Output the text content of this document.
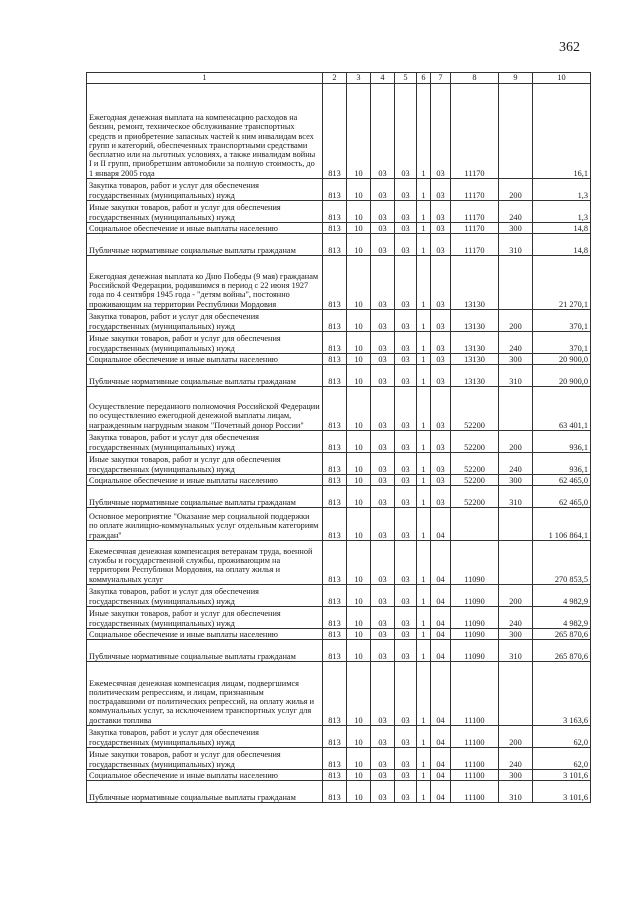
362
1	2	3	4	5	6	7	8	9	10
Ежегодная денежная выплата на компенсацию расходов на бензин, ремонт, техническое обслуживание транспортных средств и приобретение запасных частей к ним инвалидам всех групп и категорий, обеспеченных транспортными средствами бесплатно или на льготных условиях, а также инвалидам войны I и II групп, приобретшим автомобили за полную стоимость, до 1 января 2005 года	813	10	03	03	1	03	11170		16,1
Закупка товаров, работ и услуг для обеспечения государственных (муниципальных) нужд	813	10	03	03	1	03	11170	200	1,3
Иные закупки товаров, работ и услуг для обеспечения государственных (муниципальных) нужд	813	10	03	03	1	03	11170	240	1,3
Социальное обеспечение и иные выплаты населению	813	10	03	03	1	03	11170	300	14,8
Публичные нормативные социальные выплаты гражданам	813	10	03	03	1	03	11170	310	14,8
Ежегодная денежная выплата ко Дню Победы (9 мая) гражданам Российской Федерации, родившимся в период с 22 июня 1927 года по 4 сентября 1945 года - "детям войны", постоянно проживающим на территории Республики Мордовия	813	10	03	03	1	03	13130		21 270,1
Закупка товаров, работ и услуг для обеспечения государственных (муниципальных) нужд	813	10	03	03	1	03	13130	200	370,1
Иные закупки товаров, работ и услуг для обеспечения государственных (муниципальных) нужд	813	10	03	03	1	03	13130	240	370,1
Социальное обеспечение и иные выплаты населению	813	10	03	03	1	03	13130	300	20 900,0
Публичные нормативные социальные выплаты гражданам	813	10	03	03	1	03	13130	310	20 900,0
Осуществление переданного полномочия Российской Федерации по осуществлению ежегодной денежной выплаты лицам, награжденным нагрудным знаком "Почетный донор России"	813	10	03	03	1	03	52200		63 401,1
Закупка товаров, работ и услуг для обеспечения государственных (муниципальных) нужд	813	10	03	03	1	03	52200	200	936,1
Иные закупки товаров, работ и услуг для обеспечения государственных (муниципальных) нужд	813	10	03	03	1	03	52200	240	936,1
Социальное обеспечение и иные выплаты населению	813	10	03	03	1	03	52200	300	62 465,0
Публичные нормативные социальные выплаты гражданам	813	10	03	03	1	03	52200	310	62 465,0
Основное мероприятие "Оказание мер социальной поддержки по оплате жилищно-коммунальных услуг отдельным категориям граждан"	813	10	03	03	1	04			1 106 864,1
Ежемесячная денежная компенсация ветеранам труда, военной службы и государственной службы, проживающим на территории Республики Мордовия, на оплату жилья и коммунальных услуг	813	10	03	03	1	04	11090		270 853,5
Закупка товаров, работ и услуг для обеспечения государственных (муниципальных) нужд	813	10	03	03	1	04	11090	200	4 982,9
Иные закупки товаров, работ и услуг для обеспечения государственных (муниципальных) нужд	813	10	03	03	1	04	11090	240	4 982,9
Социальное обеспечение и иные выплаты населению	813	10	03	03	1	04	11090	300	265 870,6
Публичные нормативные социальные выплаты гражданам	813	10	03	03	1	04	11090	310	265 870,6
Ежемесячная денежная компенсация лицам, подвергшимся политическим репрессиям, и лицам, признанным пострадавшими от политических репрессий, на оплату жилья и коммунальных услуг, за исключением транспортных услуг для доставки топлива	813	10	03	03	1	04	11100		3 163,6
Закупка товаров, работ и услуг для обеспечения государственных (муниципальных) нужд	813	10	03	03	1	04	11100	200	62,0
Иные закупки товаров, работ и услуг для обеспечения государственных (муниципальных) нужд	813	10	03	03	1	04	11100	240	62,0
Социальное обеспечение и иные выплаты населению	813	10	03	03	1	04	11100	300	3 101,6
Публичные нормативные социальные выплаты гражданам	813	10	03	03	1	04	11100	310	3 101,6
